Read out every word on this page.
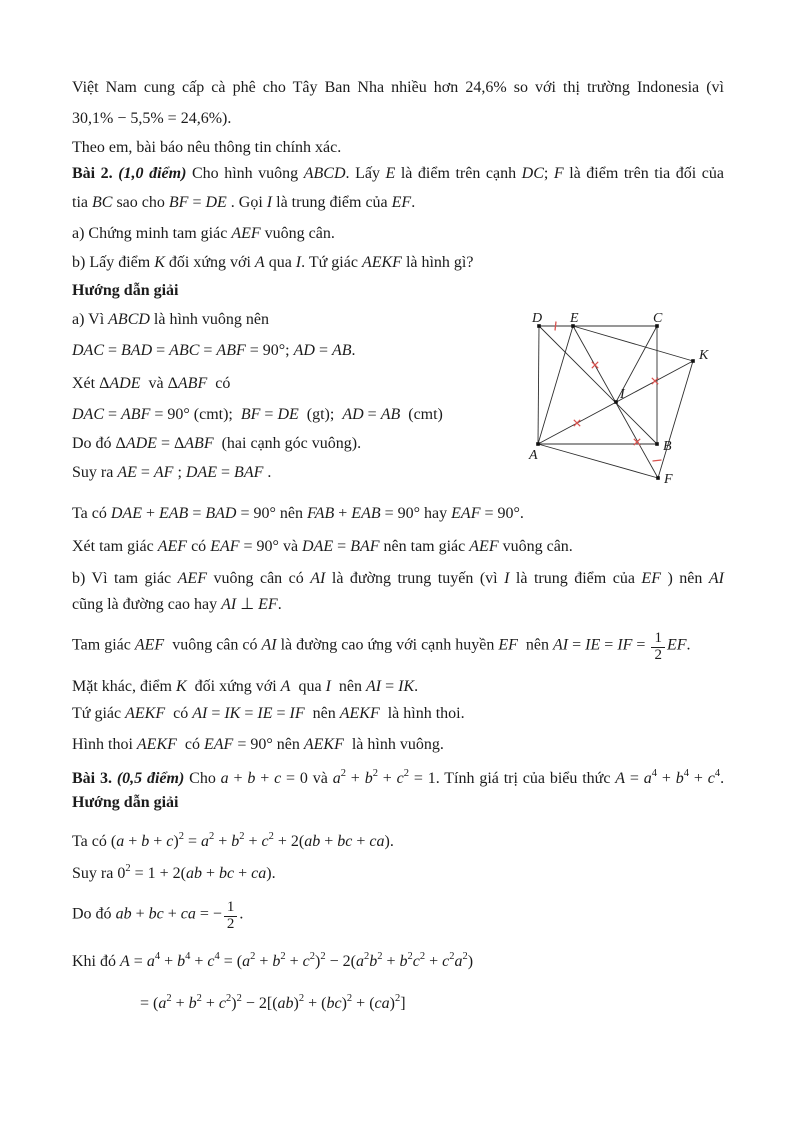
Việt Nam cung cấp cà phê cho Tây Ban Nha nhiều hơn 24,6% so với thị trường Indonesia (vì
30,1% − 5,5% = 24,6%).
Theo em, bài báo nêu thông tin chính xác.
Bài 2. (1,0 điểm) Cho hình vuông ABCD. Lấy E là điểm trên cạnh DC; F là điểm trên tia đối của
tia BC sao cho BF = DE . Gọi I là trung điểm của EF.
a) Chứng minh tam giác AEF vuông cân.
b) Lấy điểm K đối xứng với A qua I. Tứ giác AEKF là hình gì?
Hướng dẫn giải
a) Vì ABCD là hình vuông nên
DAC = BAD = ABC = ABF = 90°; AD = AB.
Xét ΔADE  và ΔABF  có
DAC = ABF = 90° (cmt);  BF = DE  (gt);  AD = AB  (cmt)
Do đó ΔADE = ΔABF  (hai cạnh góc vuông).
Suy ra AE = AF ; DAE = BAF .
Ta có DAE + EAB = BAD = 90° nên FAB + EAB = 90° hay EAF = 90°.
Xét tam giác AEF có EAF = 90° và DAE = BAF nên tam giác AEF vuông cân.
b) Vì tam giác AEF vuông cân có AI là đường trung tuyến (vì I là trung điểm của EF ) nên AI
cũng là đường cao hay AI ⊥ EF.
Tam giác AEF  vuông cân có AI là đường cao ứng với cạnh huyền EF  nên AI = IE = IF = $\frac{1}{2}$ EF.
Mặt khác, điểm K  đối xứng với A  qua I  nên AI = IK.
Tứ giác AEKF  có AI = IK = IE = IF  nên AEKF  là hình thoi.
Hình thoi AEKF  có EAF = 90° nên AEKF  là hình vuông.
Bài 3. (0,5 điểm) Cho a + b + c = 0 và $a^2 + b^2 + c^2 = 1$. Tính giá trị của biểu thức $A = a^4 + b^4 + c^4$.
Hướng dẫn giải
Ta có $(a + b + c)^2 = a^2 + b^2 + c^2 + 2(ab$ + bc + ca).
Suy ra $0^2 = 1 + 2(ab$ + bc + ca).
Do đó ab + bc + ca = − $\frac{1}{2}$ .
Khi đó $A = a^4 + b^4 + c^4 = (a^2 + b^2 + c^2)^2 - 2(a^2b^2 + b^2c^2 + c^2a^2)$
= $(a^2 + b^2 + c^2)^2 - 2[(ab)^2 + (bc)^2 + (ca)^2]$
D E	C
K
I
A
B
F
